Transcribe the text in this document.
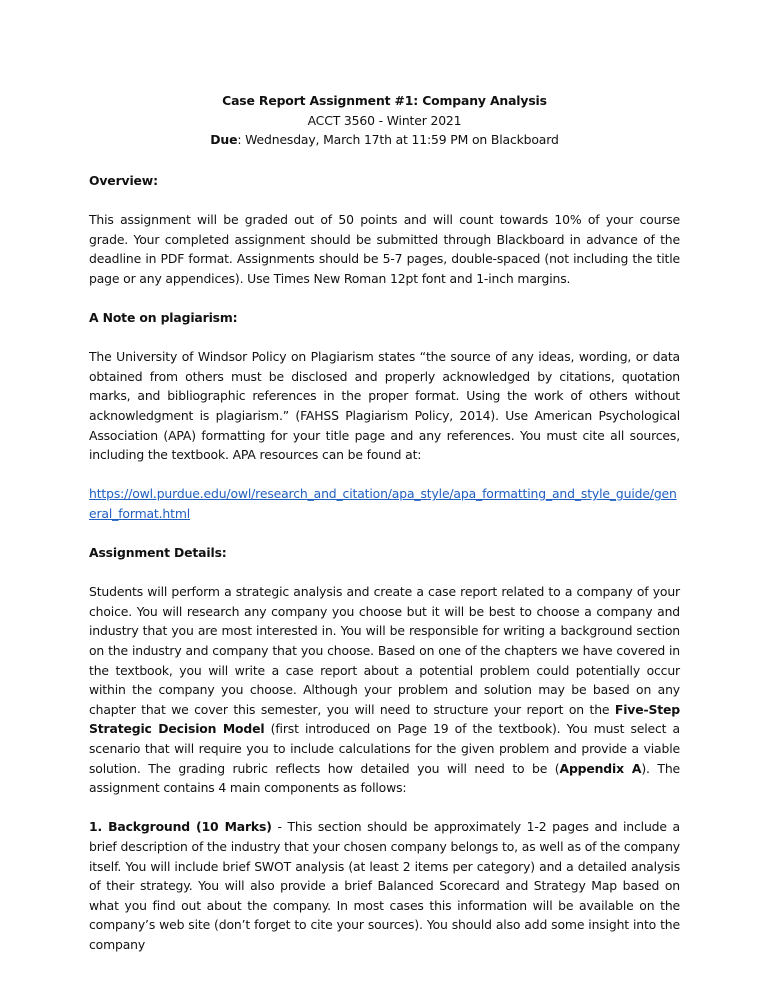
Case Report Assignment #1: Company Analysis
ACCT 3560 - Winter 2021
Due: Wednesday, March 17th at 11:59 PM on Blackboard
Overview:

This assignment will be graded out of 50 points and will count towards 10% of your course grade. Your completed assignment should be submitted through Blackboard in advance of the deadline in PDF format. Assignments should be 5-7 pages, double-spaced (not including the title page or any appendices). Use Times New Roman 12pt font and 1-inch margins.

A Note on plagiarism:

The University of Windsor Policy on Plagiarism states “the source of any ideas, wording, or data obtained from others must be disclosed and properly acknowledged by citations, quotation marks, and bibliographic references in the proper format. Using the work of others without acknowledgment is plagiarism.” (FAHSS Plagiarism Policy, 2014). Use American Psychological Association (APA) formatting for your title page and any references. You must cite all sources, including the textbook. APA resources can be found at:

https://owl.purdue.edu/owl/research_and_citation/apa_style/apa_formatting_and_style_guide/general_format.html
Assignment Details:

Students will perform a strategic analysis and create a case report related to a company of your choice. You will research any company you choose but it will be best to choose a company and industry that you are most interested in. You will be responsible for writing a background section on the industry and company that you choose. Based on one of the chapters we have covered in the textbook, you will write a case report about a potential problem could potentially occur within the company you choose. Although your problem and solution may be based on any chapter that we cover this semester, you will need to structure your report on the Five-Step Strategic Decision Model (first introduced on Page 19 of the textbook). You must select a scenario that will require you to include calculations for the given problem and provide a viable solution. The grading rubric reflects how detailed you will need to be (Appendix A). The assignment contains 4 main components as follows:

1. Background (10 Marks) - This section should be approximately 1-2 pages and include a brief description of the industry that your chosen company belongs to, as well as of the company itself. You will include brief SWOT analysis (at least 2 items per category) and a detailed analysis of their strategy. You will also provide a brief Balanced Scorecard and Strategy Map based on what you find out about the company. In most cases this information will be available on the company’s web site (don’t forget to cite your sources). You should also add some insight into the company
